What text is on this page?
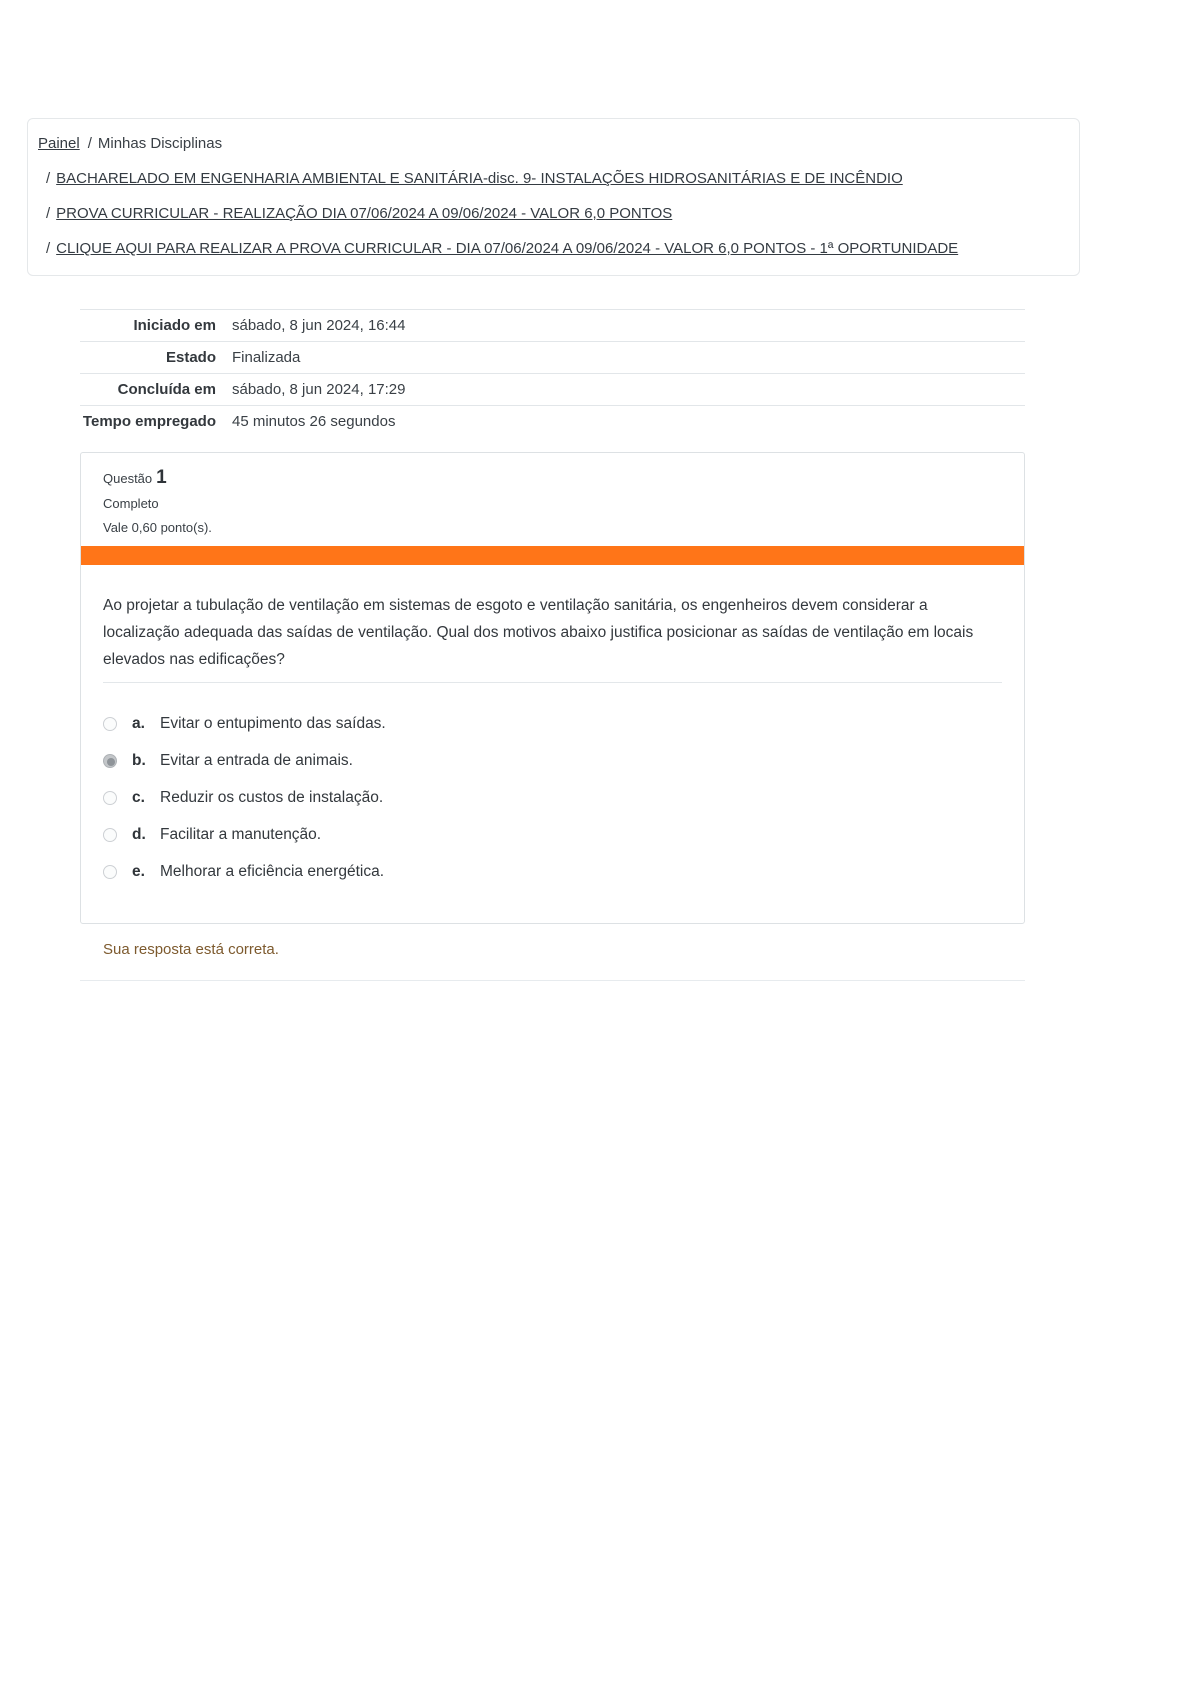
Painel / Minhas Disciplinas
/ BACHARELADO EM ENGENHARIA AMBIENTAL E SANITÁRIA-disc. 9- INSTALAÇÕES HIDROSANITÁRIAS E DE INCÊNDIO
/ PROVA CURRICULAR - REALIZAÇÃO DIA 07/06/2024 A 09/06/2024 - VALOR 6,0 PONTOS
/ CLIQUE AQUI PARA REALIZAR A PROVA CURRICULAR - DIA 07/06/2024 A 09/06/2024 - VALOR 6,0 PONTOS - 1ª OPORTUNIDADE
Iniciado em	sábado, 8 jun 2024, 16:44
Estado	Finalizada
Concluída em	sábado, 8 jun 2024, 17:29
Tempo empregado	45 minutos 26 segundos
Questão 1
Completo
Vale 0,60 ponto(s).

Ao projetar a tubulação de ventilação em sistemas de esgoto e ventilação sanitária, os engenheiros devem considerar a localização adequada das saídas de ventilação. Qual dos motivos abaixo justifica posicionar as saídas de ventilação em locais elevados nas edificações?

a. Evitar o entupimento das saídas.
b. Evitar a entrada de animais.
c. Reduzir os custos de instalação.
d. Facilitar a manutenção.
e. Melhorar a eficiência energética.
Sua resposta está correta.
